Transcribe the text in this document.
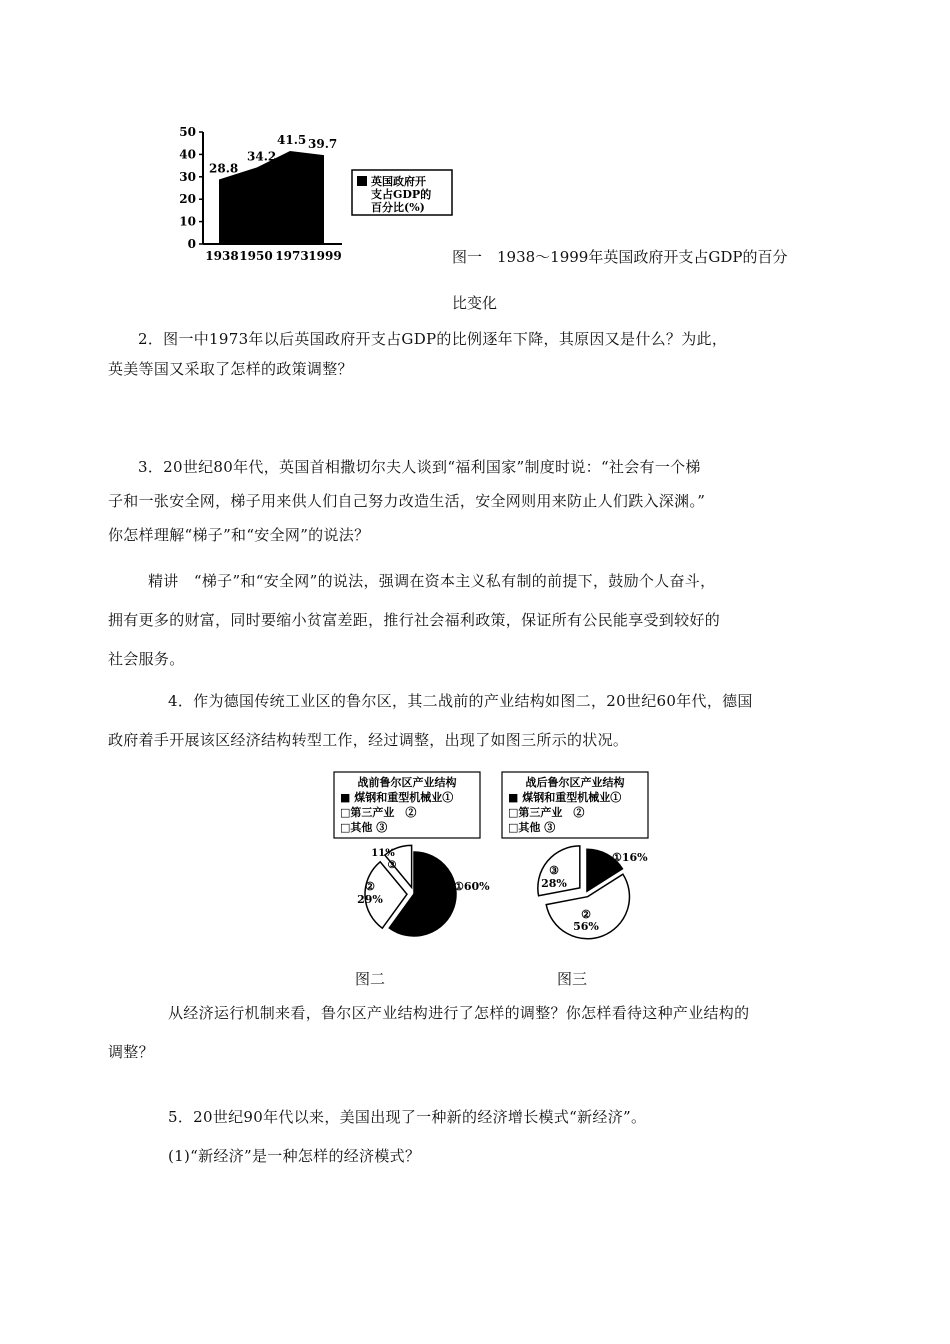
0
10
20
30
40
50
28.8
34.2
41.5 39.7
1938 1950 1973 1999
英国政府开
支占GDP的
百分比(%)
图一　1938～1999年英国政府开支占GDP的百分
比变化
2．图一中1973年以后英国政府开支占GDP的比例逐年下降，其原因又是什么？为此，
英美等国又采取了怎样的政策调整？
3．20世纪80年代，英国首相撒切尔夫人谈到“福利国家”制度时说：“社会有一个梯
子和一张安全网，梯子用来供人们自己努力改造生活，安全网则用来防止人们跌入深渊。”
你怎样理解“梯子”和“安全网”的说法？
精讲　“梯子”和“安全网”的说法，强调在资本主义私有制的前提下，鼓励个人奋斗，
拥有更多的财富，同时要缩小贫富差距，推行社会福利政策，保证所有公民能享受到较好的
社会服务。
4．作为德国传统工业区的鲁尔区，其二战前的产业结构如图二，20世纪60年代，德国
政府着手开展该区经济结构转型工作，经过调整，出现了如图三所示的状况。
战前鲁尔区产业结构
■ 煤钢和重型机械业①
□第三产业　②
□其他 ③
①60%
②
29%
11%
③
战后鲁尔区产业结构
■ 煤钢和重型机械业①
□第三产业　②
□其他 ③
①16%
②
56%
③
28%
图二	图三
从经济运行机制来看，鲁尔区产业结构进行了怎样的调整？你怎样看待这种产业结构的
调整？
5．20世纪90年代以来，美国出现了一种新的经济增长模式“新经济”。
(1)“新经济”是一种怎样的经济模式？
